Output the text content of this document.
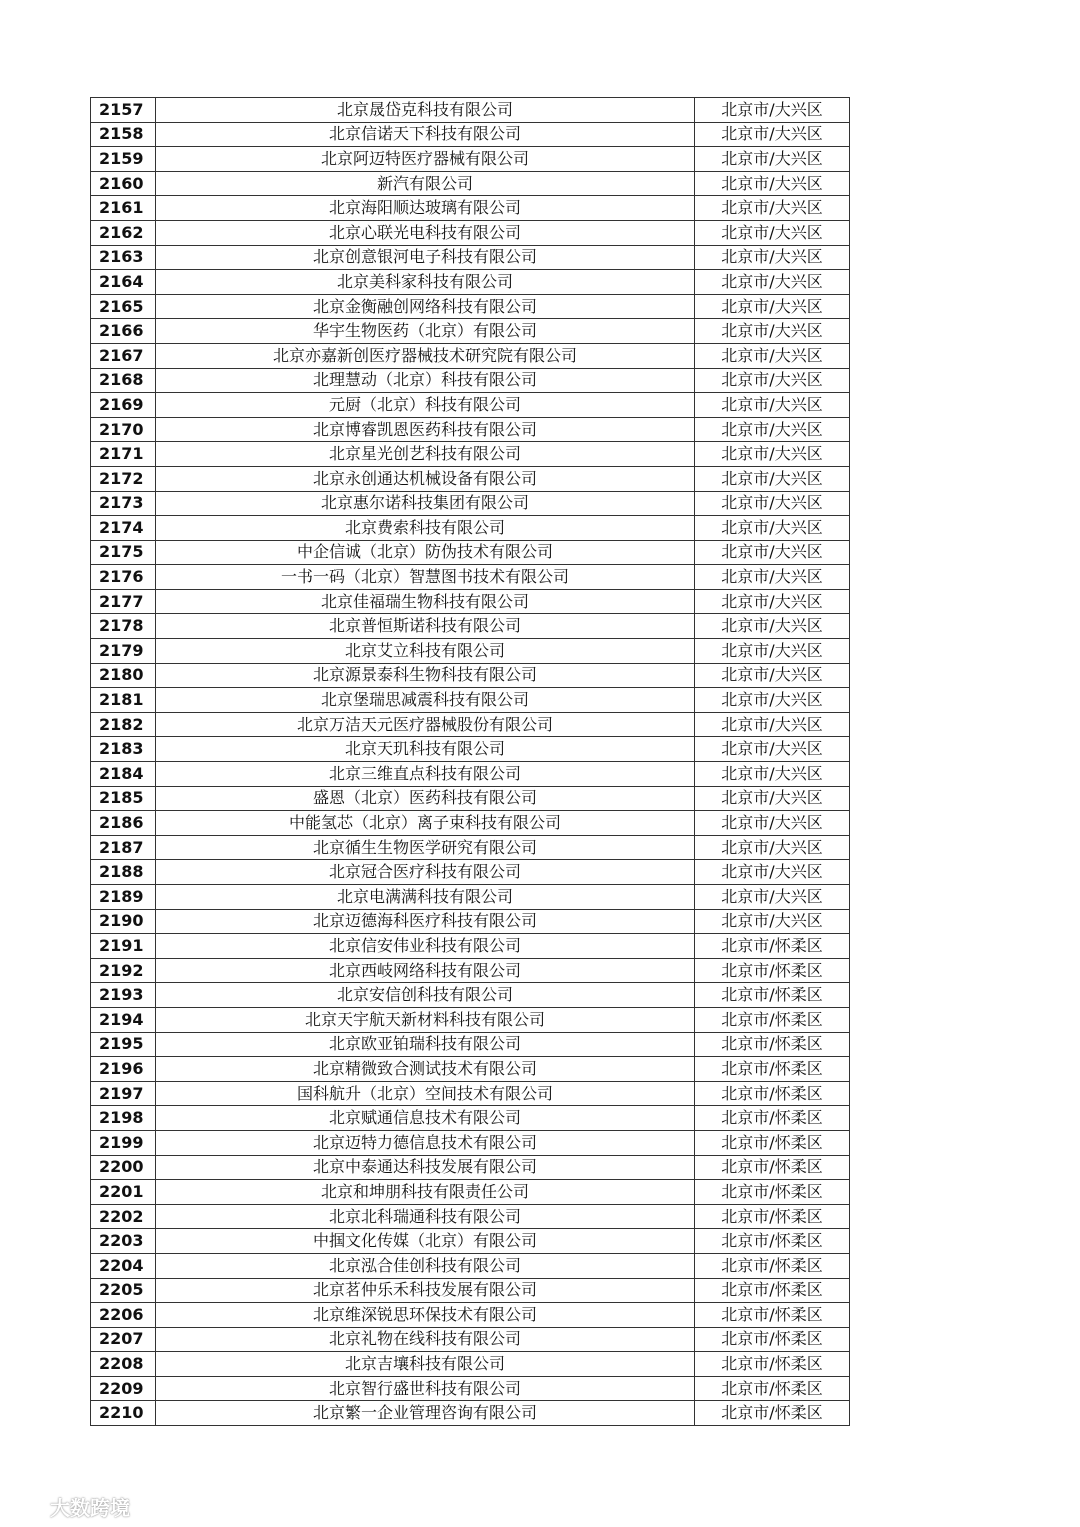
2157	北京晟岱克科技有限公司	北京市/大兴区
2158	北京信诺天下科技有限公司	北京市/大兴区
2159	北京阿迈特医疗器械有限公司	北京市/大兴区
2160	新汽有限公司	北京市/大兴区
2161	北京海阳顺达玻璃有限公司	北京市/大兴区
2162	北京心联光电科技有限公司	北京市/大兴区
2163	北京创意银河电子科技有限公司	北京市/大兴区
2164	北京美科家科技有限公司	北京市/大兴区
2165	北京金衡融创网络科技有限公司	北京市/大兴区
2166	华宇生物医药（北京）有限公司	北京市/大兴区
2167	北京亦嘉新创医疗器械技术研究院有限公司	北京市/大兴区
2168	北理慧动（北京）科技有限公司	北京市/大兴区
2169	元厨（北京）科技有限公司	北京市/大兴区
2170	北京博睿凯恩医药科技有限公司	北京市/大兴区
2171	北京星光创艺科技有限公司	北京市/大兴区
2172	北京永创通达机械设备有限公司	北京市/大兴区
2173	北京惠尔诺科技集团有限公司	北京市/大兴区
2174	北京费索科技有限公司	北京市/大兴区
2175	中企信诚（北京）防伪技术有限公司	北京市/大兴区
2176	一书一码（北京）智慧图书技术有限公司	北京市/大兴区
2177	北京佳福瑞生物科技有限公司	北京市/大兴区
2178	北京普恒斯诺科技有限公司	北京市/大兴区
2179	北京艾立科技有限公司	北京市/大兴区
2180	北京源景泰科生物科技有限公司	北京市/大兴区
2181	北京堡瑞思减震科技有限公司	北京市/大兴区
2182	北京万洁天元医疗器械股份有限公司	北京市/大兴区
2183	北京天玑科技有限公司	北京市/大兴区
2184	北京三维直点科技有限公司	北京市/大兴区
2185	盛恩（北京）医药科技有限公司	北京市/大兴区
2186	中能氢芯（北京）离子束科技有限公司	北京市/大兴区
2187	北京循生生物医学研究有限公司	北京市/大兴区
2188	北京冠合医疗科技有限公司	北京市/大兴区
2189	北京电满满科技有限公司	北京市/大兴区
2190	北京迈德海科医疗科技有限公司	北京市/大兴区
2191	北京信安伟业科技有限公司	北京市/怀柔区
2192	北京西岐网络科技有限公司	北京市/怀柔区
2193	北京安信创科技有限公司	北京市/怀柔区
2194	北京天宇航天新材料科技有限公司	北京市/怀柔区
2195	北京欧亚铂瑞科技有限公司	北京市/怀柔区
2196	北京精微致合测试技术有限公司	北京市/怀柔区
2197	国科航升（北京）空间技术有限公司	北京市/怀柔区
2198	北京赋通信息技术有限公司	北京市/怀柔区
2199	北京迈特力德信息技术有限公司	北京市/怀柔区
2200	北京中泰通达科技发展有限公司	北京市/怀柔区
2201	北京和坤朋科技有限责任公司	北京市/怀柔区
2202	北京北科瑞通科技有限公司	北京市/怀柔区
2203	中掴文化传媒（北京）有限公司	北京市/怀柔区
2204	北京泓合佳创科技有限公司	北京市/怀柔区
2205	北京茗仲乐禾科技发展有限公司	北京市/怀柔区
2206	北京维深锐思环保技术有限公司	北京市/怀柔区
2207	北京礼物在线科技有限公司	北京市/怀柔区
2208	北京吉壤科技有限公司	北京市/怀柔区
2209	北京智行盛世科技有限公司	北京市/怀柔区
2210	北京繁一企业管理咨询有限公司	北京市/怀柔区
大数跨境
